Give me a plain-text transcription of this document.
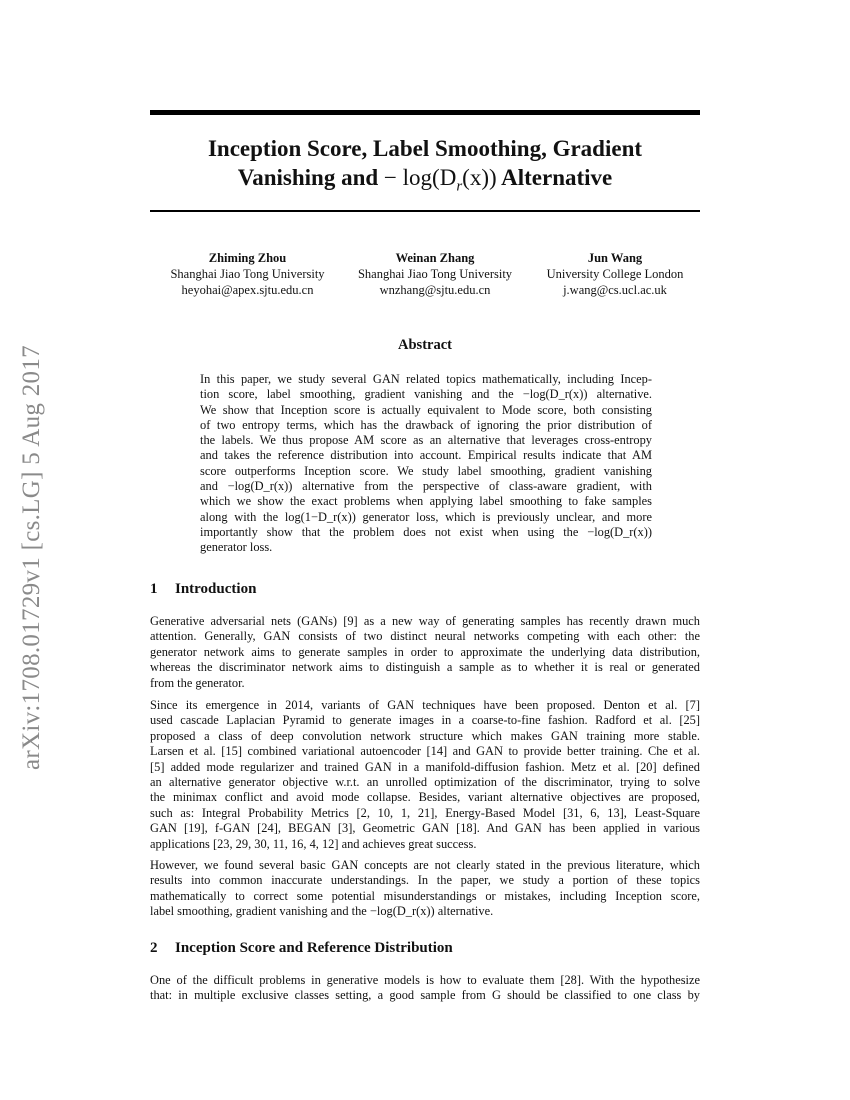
arXiv:1708.01729v1 [cs.LG] 5 Aug 2017
Inception Score, Label Smoothing, Gradient
Vanishing and − $\log(D_r(x))$ Alternative
Zhiming Zhou
Shanghai Jiao Tong University
heyohai@apex.sjtu.edu.cn
Weinan Zhang
Shanghai Jiao Tong University
wnzhang@sjtu.edu.cn
Jun Wang
University College London
j.wang@cs.ucl.ac.uk
Abstract
In this paper, we study several GAN related topics mathematically, including Incep-
tion score, label smoothing, gradient vanishing and the −log(D_r(x)) alternative.
We show that Inception score is actually equivalent to Mode score, both consisting
of two entropy terms, which has the drawback of ignoring the prior distribution of
the labels. We thus propose AM score as an alternative that leverages cross-entropy
and takes the reference distribution into account. Empirical results indicate that AM
score outperforms Inception score. We study label smoothing, gradient vanishing
and −log(D_r(x)) alternative from the perspective of class-aware gradient, with
which we show the exact problems when applying label smoothing to fake samples
along with the log(1−D_r(x)) generator loss, which is previously unclear, and more
importantly show that the problem does not exist when using the −log(D_r(x))
generator loss.
1 Introduction
Generative adversarial nets (GANs) [9] as a new way of generating samples has recently drawn much
attention. Generally, GAN consists of two distinct neural networks competing with each other: the
generator network aims to generate samples in order to approximate the underlying data distribution,
whereas the discriminator network aims to distinguish a sample as to whether it is real or generated
from the generator.
Since its emergence in 2014, variants of GAN techniques have been proposed. Denton et al. [7]
used cascade Laplacian Pyramid to generate images in a coarse-to-fine fashion. Radford et al. [25]
proposed a class of deep convolution network structure which makes GAN training more stable.
Larsen et al. [15] combined variational autoencoder [14] and GAN to provide better training. Che et al.
[5] added mode regularizer and trained GAN in a manifold-diffusion fashion. Metz et al. [20] defined
an alternative generator objective w.r.t. an unrolled optimization of the discriminator, trying to solve
the minimax conflict and avoid mode collapse. Besides, variant alternative objectives are proposed,
such as: Integral Probability Metrics [2, 10, 1, 21], Energy-Based Model [31, 6, 13], Least-Square
GAN [19], f-GAN [24], BEGAN [3], Geometric GAN [18]. And GAN has been applied in various
applications [23, 29, 30, 11, 16, 4, 12] and achieves great success.
However, we found several basic GAN concepts are not clearly stated in the previous literature, which
results into common inaccurate understandings. In the paper, we study a portion of these topics
mathematically to correct some potential misunderstandings or mistakes, including Inception score,
label smoothing, gradient vanishing and the −log(D_r(x)) alternative.
2 Inception Score and Reference Distribution
One of the difficult problems in generative models is how to evaluate them [28]. With the hypothesize
that: in multiple exclusive classes setting, a good sample from G should be classified to one class by
